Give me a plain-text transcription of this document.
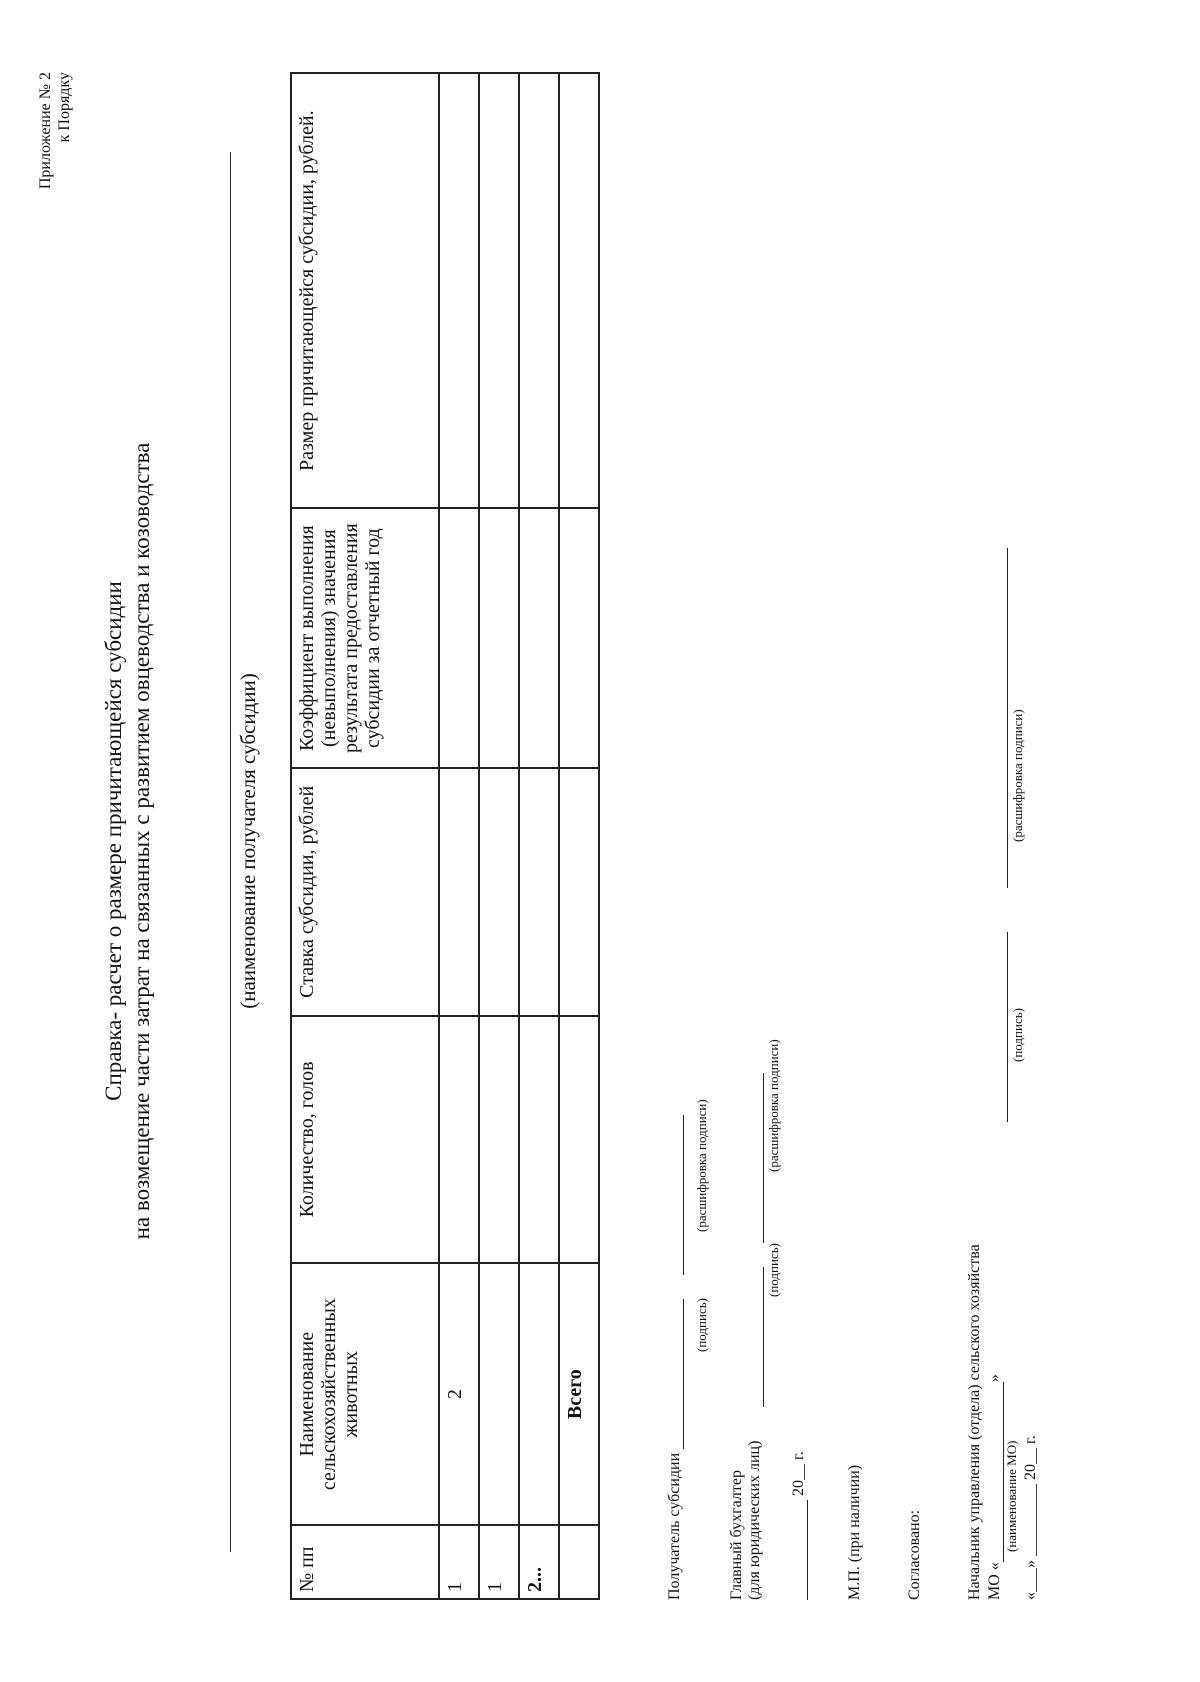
Приложение № 2 к Порядку
Справка- расчет о размере причитающейся субсидии на возмещение части затрат на связанных с развитием овцеводства и козоводства	(наименование получателя субсидии)
№ пп	Наименование сельскохозяйственных животных	Количество, голов	Ставка субсидии, рублей	Коэффициент выполнения (невыполнения) значения результата предоставления субсидии за отчетный год	Размер причитающейся субсидии, рублей.
1	2				
1					
2...					
	Всего				
Получатель субсидии
(подпись)
(расшифровка подписи)
Главный бухгалтер (для юридических лиц)
(подпись)
(расшифровка подписи)
20__ г. М.П. (при наличии)	Согласовано:	Начальник управления (отдела) сельского хозяйства МО «»
(наименование МО) «___» _________ 20__ г.

(подпись)
(расшифровка подписи)
